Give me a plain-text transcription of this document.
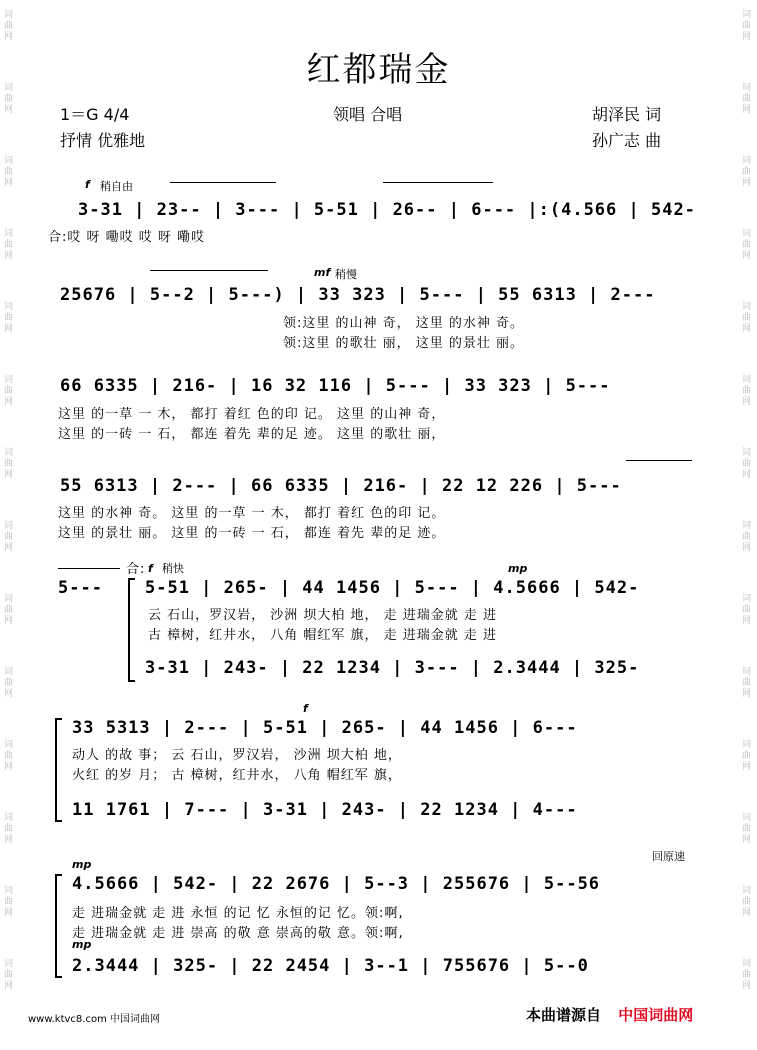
词曲网
词曲网
词曲网
词曲网
词曲网
词曲网
词曲网
词曲网
词曲网
词曲网
词曲网
词曲网
词曲网
词曲网
词曲网
词曲网
词曲网
词曲网
词曲网
词曲网
词曲网
词曲网
词曲网
词曲网
词曲网
词曲网
词曲网
词曲网
红都瑞金
1＝G 4/4	领唱 合唱	胡泽民 词
抒情 优雅地	孙广志 曲
f 稍自由
3-31 | 23-- | 3--- | 5-51 | 26-- | 6--- |:(4.566 | 542-
合:哎 呀 嘞哎 哎 呀 嘞哎
mf 稍慢
25676 | 5--2 | 5---) | 33 323 | 5--- | 55 6313 | 2---
领:这里 的山神 奇， 这里 的水神 奇。
领:这里 的歌壮 丽， 这里 的景壮 丽。
66 6335 | 216- | 16 32 116 | 5--- | 33 323 | 5---
这里 的一草 一 木， 都打 着红 色的印 记。 这里 的山神 奇，
这里 的一砖 一 石， 都连 着先 辈的足 迹。 这里 的歌壮 丽，
55 6313 | 2--- | 66 6335 | 216- | 22 12 226 | 5---
这里 的水神 奇。 这里 的一草 一 木， 都打 着红 色的印 记。
这里 的景壮 丽。 这里 的一砖 一 石， 都连 着先 辈的足 迹。
合: f 稍快	mp
5--- 5-51 | 265- | 44 1456 | 5--- | 4.5666 | 542-
云 石山，罗汉岩， 沙洲 坝大柏 地， 走 进瑞金就 走 进
古 樟树，红井水， 八角 帽红军 旗， 走 进瑞金就 走 进
3-31 | 243- | 22 1234 | 3--- | 2.3444 | 325-
f
33 5313 | 2--- | 5-51 | 265- | 44 1456 | 6---
动人 的故 事； 云 石山，罗汉岩， 沙洲 坝大柏 地，
火红 的岁 月； 古 樟树，红井水， 八角 帽红军 旗，
11 1761 | 7--- | 3-31 | 243- | 22 1234 | 4---
mp
回原速
4.5666 | 542- | 22 2676 | 5--3 | 255676 | 5--56
走 进瑞金就 走 进 永恒 的记 忆 永恒的记 忆。领:啊,
走 进瑞金就 走 进 崇高 的敬 意 崇高的敬 意。领:啊,
mp
2.3444 | 325- | 22 2454 | 3--1 | 755676 | 5--0
www.ktvc8.com 中国词曲网	本曲谱源自 中国词曲网
